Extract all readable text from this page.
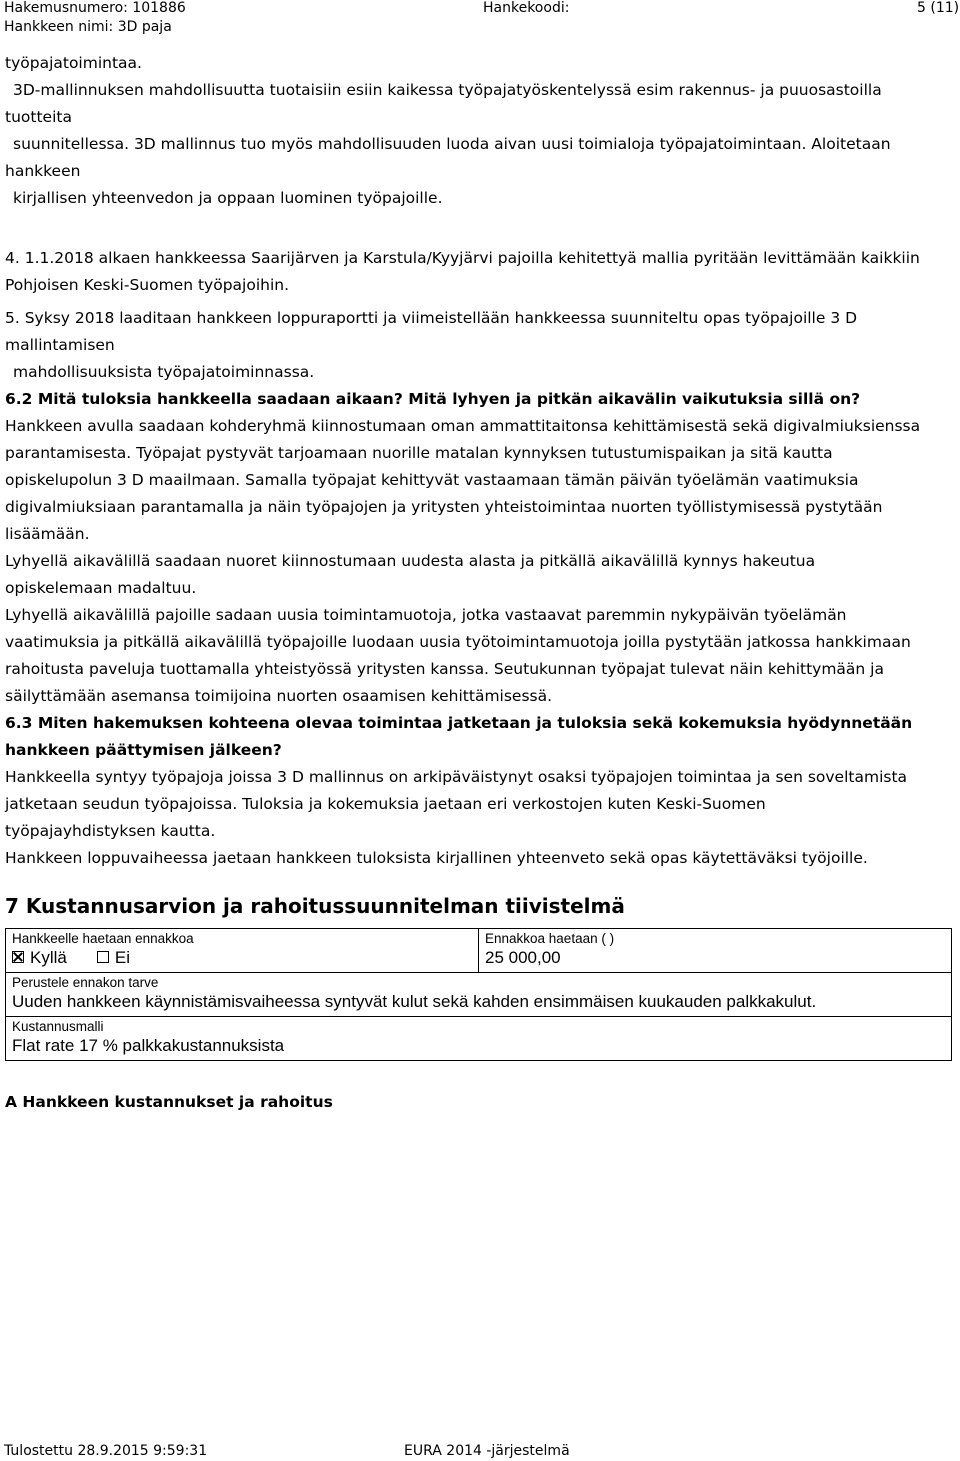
Hakemusnumero: 101886
Hankkeen nimi: 3D paja
Hankekoodi:	5 (11)

työpajatoimintaa.

3D-mallinnuksen mahdollisuutta tuotaisiin esiin kaikessa työpajatyöskentelyssä esim rakennus- ja puuosastoilla

tuotteita

suunnitellessa. 3D mallinnus tuo myös mahdollisuuden luoda aivan uusi toimialoja työpajatoimintaan. Aloitetaan

hankkeen

kirjallisen yhteenvedon ja oppaan luominen työpajoille.

4. 1.1.2018 alkaen hankkeessa Saarijärven ja Karstula/Kyyjärvi pajoilla kehitettyä mallia pyritään levittämään kaikkiin

Pohjoisen Keski-Suomen työpajoihin.

5. Syksy 2018 laaditaan hankkeen loppuraportti ja viimeistellään hankkeessa suunniteltu opas työpajoille 3 D

mallintamisen

mahdollisuuksista työpajatoiminnassa.

6.2 Mitä tuloksia hankkeella saadaan aikaan? Mitä lyhyen ja pitkän aikavälin vaikutuksia sillä on?

Hankkeen avulla saadaan kohderyhmä kiinnostumaan oman ammattitaitonsa kehittämisestä sekä digivalmiuksienssa

parantamisesta. Työpajat pystyvät tarjoamaan nuorille matalan kynnyksen tutustumispaikan ja sitä kautta

opiskelupolun 3 D maailmaan. Samalla työpajat kehittyvät vastaamaan tämän päivän työelämän vaatimuksia

digivalmiuksiaan parantamalla ja näin työpajojen ja yritysten yhteistoimintaa nuorten työllistymisessä pystytään

lisäämään.

Lyhyellä aikavälillä saadaan nuoret kiinnostumaan uudesta alasta ja pitkällä aikavälillä kynnys hakeutua

opiskelemaan madaltuu.

Lyhyellä aikavälillä pajoille sadaan uusia toimintamuotoja, jotka vastaavat paremmin nykypäivän työelämän

vaatimuksia ja pitkällä aikavälillä työpajoille luodaan uusia työtoimintamuotoja joilla pystytään jatkossa hankkimaan

rahoitusta paveluja tuottamalla yhteistyössä yritysten kanssa. Seutukunnan työpajat tulevat näin kehittymään ja

säilyttämään asemansa toimijoina nuorten osaamisen kehittämisessä.

6.3 Miten hakemuksen kohteena olevaa toimintaa jatketaan ja tuloksia sekä kokemuksia hyödynnetään

hankkeen päättymisen jälkeen?

Hankkeella syntyy työpajoja joissa 3 D mallinnus on arkipäväistynyt osaksi työpajojen toimintaa ja sen soveltamista

jatketaan seudun työpajoissa. Tuloksia ja kokemuksia jaetaan eri verkostojen kuten Keski-Suomen

työpajayhdistyksen kautta.

Hankkeen loppuvaiheessa jaetaan hankkeen tuloksista kirjallinen yhteenveto sekä opas käytettäväksi työjoille.

7 Kustannusarvion ja rahoitussuunnitelman tiivistelmä

Hankkeelle haetaan ennakkoa
Kyllä	Ei

Ennakkoa haetaan ( )
25 000,00

Perustele ennakon tarve
Uuden hankkeen käynnistämisvaiheessa syntyvät kulut sekä kahden ensimmäisen kuukauden palkkakulut.

Kustannusmalli
Flat rate 17 % palkkakustannuksista

A Hankkeen kustannukset ja rahoitus

Tulostettu 28.9.2015 9:59:31	EURA 2014 -järjestelmä
